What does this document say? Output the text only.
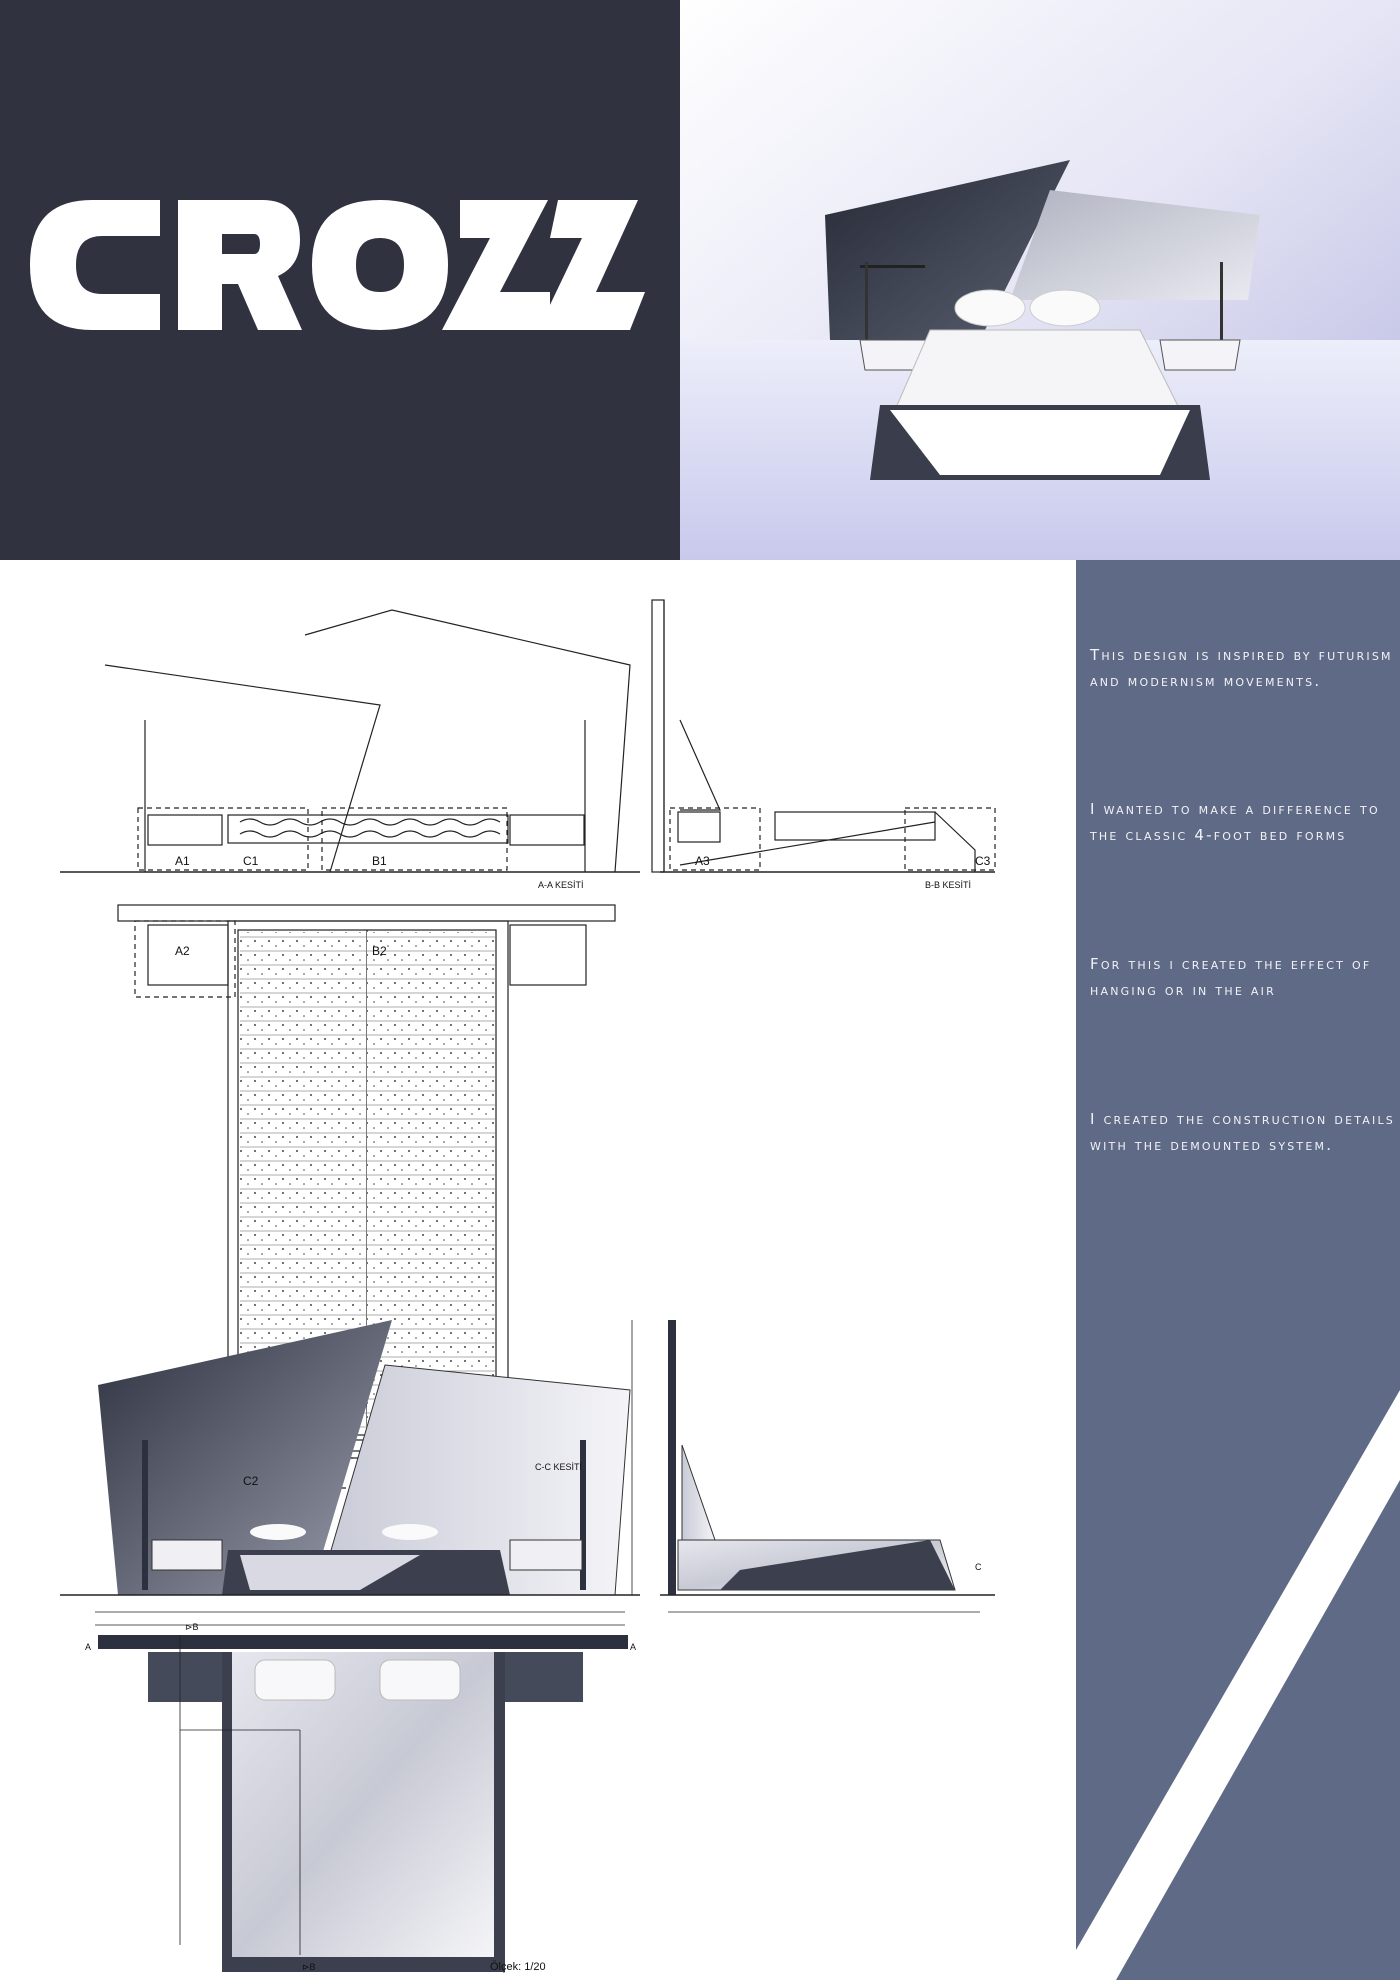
CROSS
A1	C1	B1	A3	C3
A2	B2
C2
A-A KESİTİ	B-B KESİTİ
C-C KESİTİ
A	A
⊳B
⊳B
C
Ölçek: 1/20
This design is inspired by futurism and modernism movements.
I wanted to make a difference to the classic 4-foot bed forms
For this i created the effect of hanging or in the air
I created the construction details with the demounted system.
